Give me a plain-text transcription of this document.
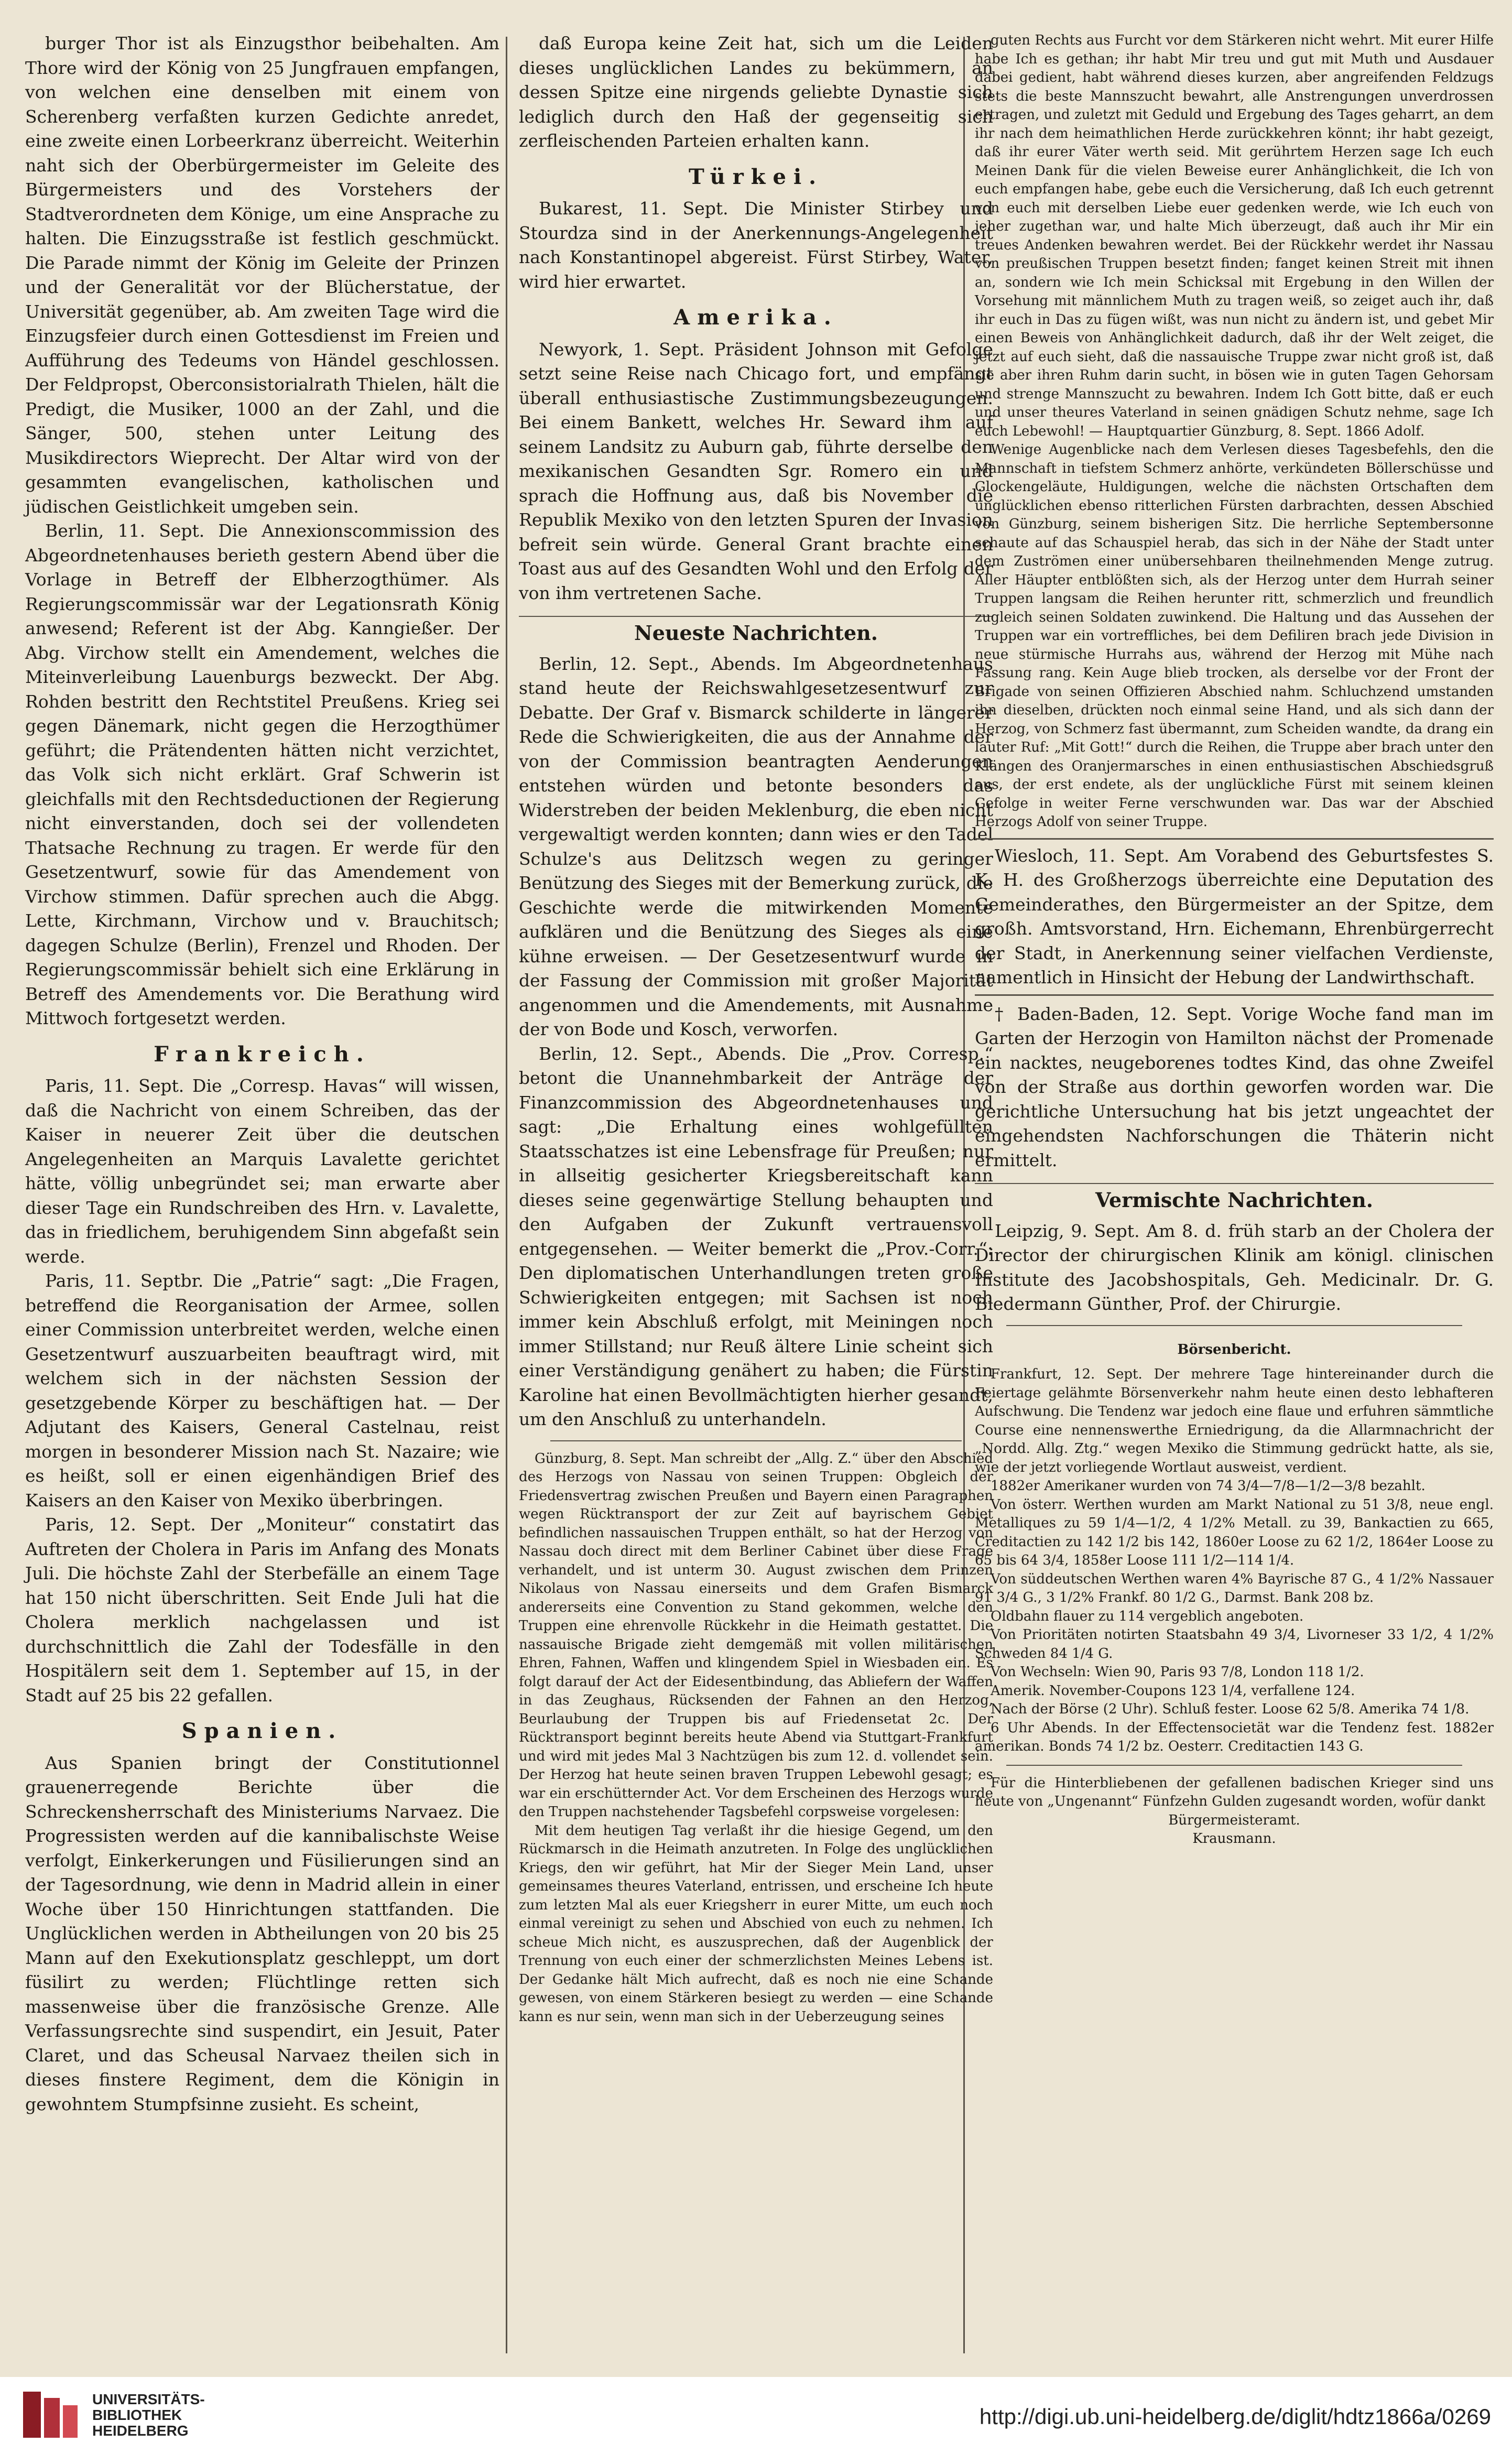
burger Thor ist als Einzugsthor beibehalten. Am Thore wird der König von 25 Jungfrauen empfangen, von welchen eine denselben mit einem von Scherenberg verfaßten kurzen Gedichte anredet, eine zweite einen Lorbeerkranz überreicht. Weiterhin naht sich der Oberbürgermeister im Geleite des Bürgermeisters und des Vorstehers der Stadtverordneten dem Könige, um eine Ansprache zu halten. Die Einzugsstraße ist festlich geschmückt. Die Parade nimmt der König im Geleite der Prinzen und der Generalität vor der Blücherstatue, der Universität gegenüber, ab. Am zweiten Tage wird die Einzugsfeier durch einen Gottesdienst im Freien und Aufführung des Tedeums von Händel geschlossen. Der Feldpropst, Oberconsistorialrath Thielen, hält die Predigt, die Musiker, 1000 an der Zahl, und die Sänger, 500, stehen unter Leitung des Musikdirectors Wieprecht. Der Altar wird von der gesammten evangelischen, katholischen und jüdischen Geistlichkeit umgeben sein.
Berlin, 11. Sept. Die Annexionscommission des Abgeordnetenhauses berieth gestern Abend über die Vorlage in Betreff der Elbherzogthümer. Als Regierungscommissär war der Legationsrath König anwesend; Referent ist der Abg. Kanngießer. Der Abg. Virchow stellt ein Amendement, welches die Miteinverleibung Lauenburgs bezweckt. Der Abg. Rohden bestritt den Rechtstitel Preußens. Krieg sei gegen Dänemark, nicht gegen die Herzogthümer geführt; die Prätendenten hätten nicht verzichtet, das Volk sich nicht erklärt. Graf Schwerin ist gleichfalls mit den Rechtsdeductionen der Regierung nicht einverstanden, doch sei der vollendeten Thatsache Rechnung zu tragen. Er werde für den Gesetzentwurf, sowie für das Amendement von Virchow stimmen. Dafür sprechen auch die Abgg. Lette, Kirchmann, Virchow und v. Brauchitsch; dagegen Schulze (Berlin), Frenzel und Rhoden. Der Regierungscommissär behielt sich eine Erklärung in Betreff des Amendements vor. Die Berathung wird Mittwoch fortgesetzt werden.
Frankreich.
Paris, 11. Sept. Die „Corresp. Havas“ will wissen, daß die Nachricht von einem Schreiben, das der Kaiser in neuerer Zeit über die deutschen Angelegenheiten an Marquis Lavalette gerichtet hätte, völlig unbegründet sei; man erwarte aber dieser Tage ein Rundschreiben des Hrn. v. Lavalette, das in friedlichem, beruhigendem Sinn abgefaßt sein werde.
Paris, 11. Septbr. Die „Patrie“ sagt: „Die Fragen, betreffend die Reorganisation der Armee, sollen einer Commission unterbreitet werden, welche einen Gesetzentwurf auszuarbeiten beauftragt wird, mit welchem sich in der nächsten Session der gesetzgebende Körper zu beschäftigen hat. — Der Adjutant des Kaisers, General Castelnau, reist morgen in besonderer Mission nach St. Nazaire; wie es heißt, soll er einen eigenhändigen Brief des Kaisers an den Kaiser von Mexiko überbringen.
Paris, 12. Sept. Der „Moniteur“ constatirt das Auftreten der Cholera in Paris im Anfang des Monats Juli. Die höchste Zahl der Sterbefälle an einem Tage hat 150 nicht überschritten. Seit Ende Juli hat die Cholera merklich nachgelassen und ist durchschnittlich die Zahl der Todesfälle in den Hospitälern seit dem 1. September auf 15, in der Stadt auf 25 bis 22 gefallen.
Spanien.
Aus Spanien bringt der Constitutionnel grauenerregende Berichte über die Schreckensherrschaft des Ministeriums Narvaez. Die Progressisten werden auf die kannibalischste Weise verfolgt, Einkerkerungen und Füsilierungen sind an der Tagesordnung, wie denn in Madrid allein in einer Woche über 150 Hinrichtungen stattfanden. Die Unglücklichen werden in Abtheilungen von 20 bis 25 Mann auf den Exekutionsplatz geschleppt, um dort füsilirt zu werden; Flüchtlinge retten sich massenweise über die französische Grenze. Alle Verfassungsrechte sind suspendirt, ein Jesuit, Pater Claret, und das Scheusal Narvaez theilen sich in dieses finstere Regiment, dem die Königin in gewohntem Stumpfsinne zusieht. Es scheint,
daß Europa keine Zeit hat, sich um die Leiden dieses unglücklichen Landes zu bekümmern, an dessen Spitze eine nirgends geliebte Dynastie sich lediglich durch den Haß der gegenseitig sich zerfleischenden Parteien erhalten kann.
Türkei.
Bukarest, 11. Sept. Die Minister Stirbey und Stourdza sind in der Anerkennungs-Angelegenheit nach Konstantinopel abgereist. Fürst Stirbey, Water, wird hier erwartet.
Amerika.
Newyork, 1. Sept. Präsident Johnson mit Gefolge setzt seine Reise nach Chicago fort, und empfängt überall enthusiastische Zustimmungsbezeugungen. Bei einem Bankett, welches Hr. Seward ihm auf seinem Landsitz zu Auburn gab, führte derselbe den mexikanischen Gesandten Sgr. Romero ein und sprach die Hoffnung aus, daß bis November die Republik Mexiko von den letzten Spuren der Invasion befreit sein würde. General Grant brachte einen Toast aus auf des Gesandten Wohl und den Erfolg der von ihm vertretenen Sache.
Neueste Nachrichten.
Berlin, 12. Sept., Abends. Im Abgeordnetenhaus stand heute der Reichswahlgesetzesentwurf zur Debatte. Der Graf v. Bismarck schilderte in längerer Rede die Schwierigkeiten, die aus der Annahme der von der Commission beantragten Aenderungen entstehen würden und betonte besonders das Widerstreben der beiden Meklenburg, die eben nicht vergewaltigt werden konnten; dann wies er den Tadel Schulze's aus Delitzsch wegen zu geringer Benützung des Sieges mit der Bemerkung zurück, die Geschichte werde die mitwirkenden Momente aufklären und die Benützung des Sieges als eine kühne erweisen. — Der Gesetzesentwurf wurde in der Fassung der Commission mit großer Majorität angenommen und die Amendements, mit Ausnahme der von Bode und Kosch, verworfen.
Berlin, 12. Sept., Abends. Die „Prov. Corresp.“ betont die Unannehmbarkeit der Anträge der Finanzcommission des Abgeordnetenhauses und sagt: „Die Erhaltung eines wohlgefüllten Staatsschatzes ist eine Lebensfrage für Preußen; nur in allseitig gesicherter Kriegsbereitschaft kann dieses seine gegenwärtige Stellung behaupten und den Aufgaben der Zukunft vertrauensvoll entgegensehen. — Weiter bemerkt die „Prov.-Corr.“: Den diplomatischen Unterhandlungen treten große Schwierigkeiten entgegen; mit Sachsen ist noch immer kein Abschluß erfolgt, mit Meiningen noch immer Stillstand; nur Reuß ältere Linie scheint sich einer Verständigung genähert zu haben; die Fürstin Karoline hat einen Bevollmächtigten hierher gesandt, um den Anschluß zu unterhandeln.
Günzburg, 8. Sept. Man schreibt der „Allg. Z.“ über den Abschied des Herzogs von Nassau von seinen Truppen: Obgleich der Friedensvertrag zwischen Preußen und Bayern einen Paragraphen wegen Rücktransport der zur Zeit auf bayrischem Gebiet befindlichen nassauischen Truppen enthält, so hat der Herzog von Nassau doch direct mit dem Berliner Cabinet über diese Frage verhandelt, und ist unterm 30. August zwischen dem Prinzen Nikolaus von Nassau einerseits und dem Grafen Bismarck andererseits eine Convention zu Stand gekommen, welche den Truppen eine ehrenvolle Rückkehr in die Heimath gestattet. Die nassauische Brigade zieht demgemäß mit vollen militärischen Ehren, Fahnen, Waffen und klingendem Spiel in Wiesbaden ein. Es folgt darauf der Act der Eidesentbindung, das Abliefern der Waffen in das Zeughaus, Rücksenden der Fahnen an den Herzog, Beurlaubung der Truppen bis auf Friedensetat 2c. Der Rücktransport beginnt bereits heute Abend via Stuttgart-Frankfurt und wird mit jedes Mal 3 Nachtzügen bis zum 12. d. vollendet sein. Der Herzog hat heute seinen braven Truppen Lebewohl gesagt; es war ein erschütternder Act. Vor dem Erscheinen des Herzogs wurde den Truppen nachstehender Tagsbefehl corpsweise vorgelesen:
Mit dem heutigen Tag verlaßt ihr die hiesige Gegend, um den Rückmarsch in die Heimath anzutreten. In Folge des unglücklichen Kriegs, den wir geführt, hat Mir der Sieger Mein Land, unser gemeinsames theures Vaterland, entrissen, und erscheine Ich heute zum letzten Mal als euer Kriegsherr in eurer Mitte, um euch noch einmal vereinigt zu sehen und Abschied von euch zu nehmen. Ich scheue Mich nicht, es auszusprechen, daß der Augenblick der Trennung von euch einer der schmerzlichsten Meines Lebens ist. Der Gedanke hält Mich aufrecht, daß es noch nie eine Schande gewesen, von einem Stärkeren besiegt zu werden — eine Schande kann es nur sein, wenn man sich in der Ueberzeugung seines
guten Rechts aus Furcht vor dem Stärkeren nicht wehrt. Mit eurer Hilfe habe Ich es gethan; ihr habt Mir treu und gut mit Muth und Ausdauer dabei gedient, habt während dieses kurzen, aber angreifenden Feldzugs stets die beste Mannszucht bewahrt, alle Anstrengungen unverdrossen ertragen, und zuletzt mit Geduld und Ergebung des Tages geharrt, an dem ihr nach dem heimathlichen Herde zurückkehren könnt; ihr habt gezeigt, daß ihr eurer Väter werth seid. Mit gerührtem Herzen sage Ich euch Meinen Dank für die vielen Beweise eurer Anhänglichkeit, die Ich von euch empfangen habe, gebe euch die Versicherung, daß Ich euch getrennt von euch mit derselben Liebe euer gedenken werde, wie Ich euch von jeher zugethan war, und halte Mich überzeugt, daß auch ihr Mir ein treues Andenken bewahren werdet. Bei der Rückkehr werdet ihr Nassau von preußischen Truppen besetzt finden; fanget keinen Streit mit ihnen an, sondern wie Ich mein Schicksal mit Ergebung in den Willen der Vorsehung mit männlichem Muth zu tragen weiß, so zeiget auch ihr, daß ihr euch in Das zu fügen wißt, was nun nicht zu ändern ist, und gebet Mir einen Beweis von Anhänglichkeit dadurch, daß ihr der Welt zeiget, die jetzt auf euch sieht, daß die nassauische Truppe zwar nicht groß ist, daß sie aber ihren Ruhm darin sucht, in bösen wie in guten Tagen Gehorsam und strenge Mannszucht zu bewahren. Indem Ich Gott bitte, daß er euch und unser theures Vaterland in seinen gnädigen Schutz nehme, sage Ich euch Lebewohl! — Hauptquartier Günzburg, 8. Sept. 1866 Adolf.
Wenige Augenblicke nach dem Verlesen dieses Tagesbefehls, den die Mannschaft in tiefstem Schmerz anhörte, verkündeten Böllerschüsse und Glockengeläute, Huldigungen, welche die nächsten Ortschaften dem unglücklichen ebenso ritterlichen Fürsten darbrachten, dessen Abschied von Günzburg, seinem bisherigen Sitz. Die herrliche Septembersonne schaute auf das Schauspiel herab, das sich in der Nähe der Stadt unter dem Zuströmen einer unübersehbaren theilnehmenden Menge zutrug. Aller Häupter entblößten sich, als der Herzog unter dem Hurrah seiner Truppen langsam die Reihen herunter ritt, schmerzlich und freundlich zugleich seinen Soldaten zuwinkend. Die Haltung und das Aussehen der Truppen war ein vortreffliches, bei dem Defiliren brach jede Division in neue stürmische Hurrahs aus, während der Herzog mit Mühe nach Fassung rang. Kein Auge blieb trocken, als derselbe vor der Front der Brigade von seinen Offizieren Abschied nahm. Schluchzend umstanden ihn dieselben, drückten noch einmal seine Hand, und als sich dann der Herzog, von Schmerz fast übermannt, zum Scheiden wandte, da drang ein lauter Ruf: „Mit Gott!“ durch die Reihen, die Truppe aber brach unter den Klängen des Oranjermarsches in einen enthusiastischen Abschiedsgruß aus, der erst endete, als der unglückliche Fürst mit seinem kleinen Gefolge in weiter Ferne verschwunden war. Das war der Abschied Herzogs Adolf von seiner Truppe.
Wiesloch, 11. Sept. Am Vorabend des Geburtsfestes S. K. H. des Großherzogs überreichte eine Deputation des Gemeinderathes, den Bürgermeister an der Spitze, dem großh. Amtsvorstand, Hrn. Eichemann, Ehrenbürgerrecht der Stadt, in Anerkennung seiner vielfachen Verdienste, namentlich in Hinsicht der Hebung der Landwirthschaft.
† Baden-Baden, 12. Sept. Vorige Woche fand man im Garten der Herzogin von Hamilton nächst der Promenade ein nacktes, neugeborenes todtes Kind, das ohne Zweifel von der Straße aus dorthin geworfen worden war. Die gerichtliche Untersuchung hat bis jetzt ungeachtet der eingehendsten Nachforschungen die Thäterin nicht ermittelt.
Vermischte Nachrichten.
Leipzig, 9. Sept. Am 8. d. früh starb an der Cholera der Director der chirurgischen Klinik am königl. clinischen Institute des Jacobshospitals, Geh. Medicinalr. Dr. G. Biedermann Günther, Prof. der Chirurgie.
Börsenbericht.
Frankfurt, 12. Sept. Der mehrere Tage hintereinander durch die Feiertage gelähmte Börsenverkehr nahm heute einen desto lebhafteren Aufschwung. Die Tendenz war jedoch eine flaue und erfuhren sämmtliche Course eine nennenswerthe Erniedrigung, da die Allarmnachricht der „Nordd. Allg. Ztg.“ wegen Mexiko die Stimmung gedrückt hatte, als sie, wie der jetzt vorliegende Wortlaut ausweist, verdient.
1882er Amerikaner wurden von 74 3/4—7/8—1/2—3/8 bezahlt.
Von österr. Werthen wurden am Markt National zu 51 3/8, neue engl. Metalliques zu 59 1/4—1/2, 4 1/2% Metall. zu 39, Bankactien zu 665, Creditactien zu 142 1/2 bis 142, 1860er Loose zu 62 1/2, 1864er Loose zu 65 bis 64 3/4, 1858er Loose 111 1/2—114 1/4.
Von süddeutschen Werthen waren 4% Bayrische 87 G., 4 1/2% Nassauer 91 3/4 G., 3 1/2% Frankf. 80 1/2 G., Darmst. Bank 208 bz.
Oldbahn flauer zu 114 vergeblich angeboten.
Von Prioritäten notirten Staatsbahn 49 3/4, Livorneser 33 1/2, 4 1/2% Schweden 84 1/4 G.
Von Wechseln: Wien 90, Paris 93 7/8, London 118 1/2.
Amerik. November-Coupons 123 1/4, verfallene 124.
Nach der Börse (2 Uhr). Schluß fester. Loose 62 5/8. Amerika 74 1/8.
6 Uhr Abends. In der Effectensocietät war die Tendenz fest. 1882er amerikan. Bonds 74 1/2 bz. Oesterr. Creditactien 143 G.
Für die Hinterbliebenen der gefallenen badischen Krieger sind uns heute von „Ungenannt“ Fünfzehn Gulden zugesandt worden, wofür dankt
Bürgermeisteramt.
Krausmann.
UNIVERSITÄTS-
BIBLIOTHEK
HEIDELBERG
http://digi.ub.uni-heidelberg.de/diglit/hdtz1866a/0269
